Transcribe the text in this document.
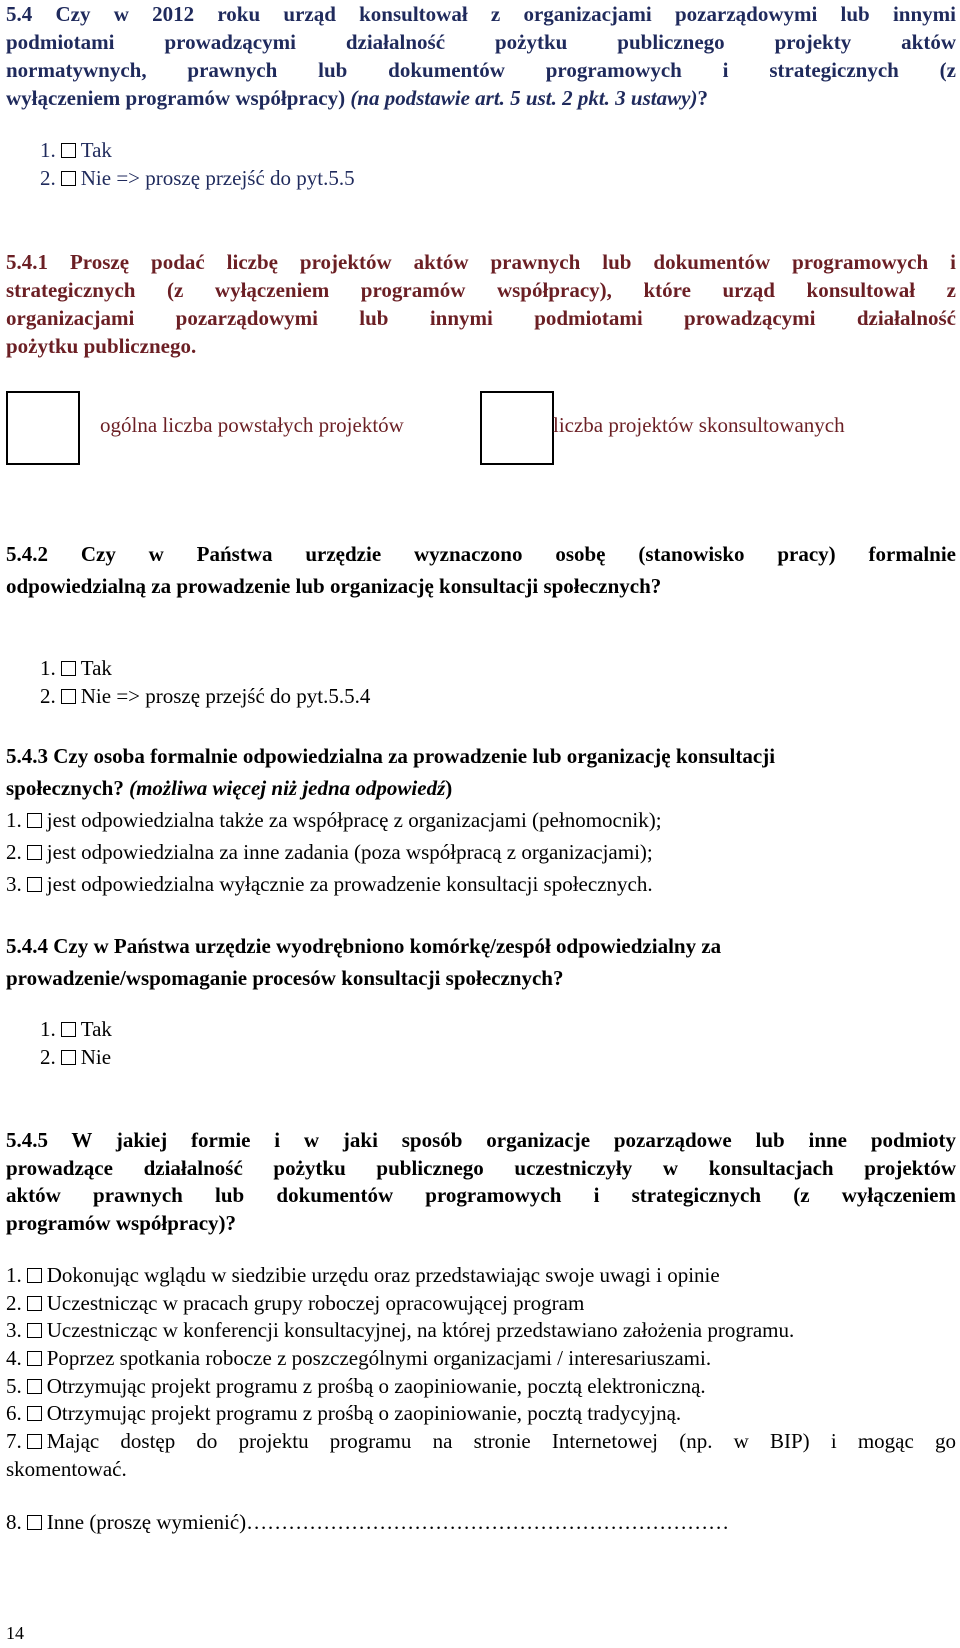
5.4 Czy w 2012 roku urząd konsultował z organizacjami pozarządowymi lub innymi
podmiotami prowadzącymi działalność pożytku publicznego projekty aktów
normatywnych, prawnych lub dokumentów programowych i strategicznych (z
wyłączeniem programów współpracy) (na podstawie art. 5 ust. 2 pkt. 3 ustawy)?
1. Tak
2. Nie => proszę przejść do pyt.5.5
5.4.1 Proszę podać liczbę projektów aktów prawnych lub dokumentów programowych i
strategicznych (z wyłączeniem programów współpracy), które urząd konsultował z
organizacjami pozarządowymi lub innymi podmiotami prowadzącymi działalność
pożytku publicznego.
ogólna liczba powstałych projektów	liczba projektów skonsultowanych
5.4.2 Czy w Państwa urzędzie wyznaczono osobę (stanowisko pracy) formalnie
odpowiedzialną za prowadzenie lub organizację konsultacji społecznych?
1. Tak
2. Nie => proszę przejść do pyt.5.5.4
5.4.3 Czy osoba formalnie odpowiedzialna za prowadzenie lub organizację konsultacji
społecznych? (możliwa więcej niż jedna odpowiedź)
1. jest odpowiedzialna także za współpracę z organizacjami (pełnomocnik);
2. jest odpowiedzialna za inne zadania (poza współpracą z organizacjami);
3. jest odpowiedzialna wyłącznie za prowadzenie konsultacji społecznych.
5.4.4 Czy w Państwa urzędzie wyodrębniono komórkę/zespół odpowiedzialny za
prowadzenie/wspomaganie procesów konsultacji społecznych?
1. Tak
2. Nie
5.4.5 W jakiej formie i w jaki sposób organizacje pozarządowe lub inne podmioty
prowadzące działalność pożytku publicznego uczestniczyły w konsultacjach projektów
aktów prawnych lub dokumentów programowych i strategicznych (z wyłączeniem
programów współpracy)?
1. Dokonując wglądu w siedzibie urzędu oraz przedstawiając swoje uwagi i opinie
2. Uczestnicząc w pracach grupy roboczej opracowującej program
3. Uczestnicząc w konferencji konsultacyjnej, na której przedstawiano założenia programu.
4. Poprzez spotkania robocze z poszczególnymi organizacjami / interesariuszami.
5. Otrzymując projekt programu z prośbą o zaopiniowanie, pocztą elektroniczną.
6. Otrzymując projekt programu z prośbą o zaopiniowanie, pocztą tradycyjną.
7. Mając dostęp do projektu programu na stronie Internetowej (np. w BIP) i mogąc go
skomentować.
8. Inne (proszę wymienić)……………………………………………………………
14
